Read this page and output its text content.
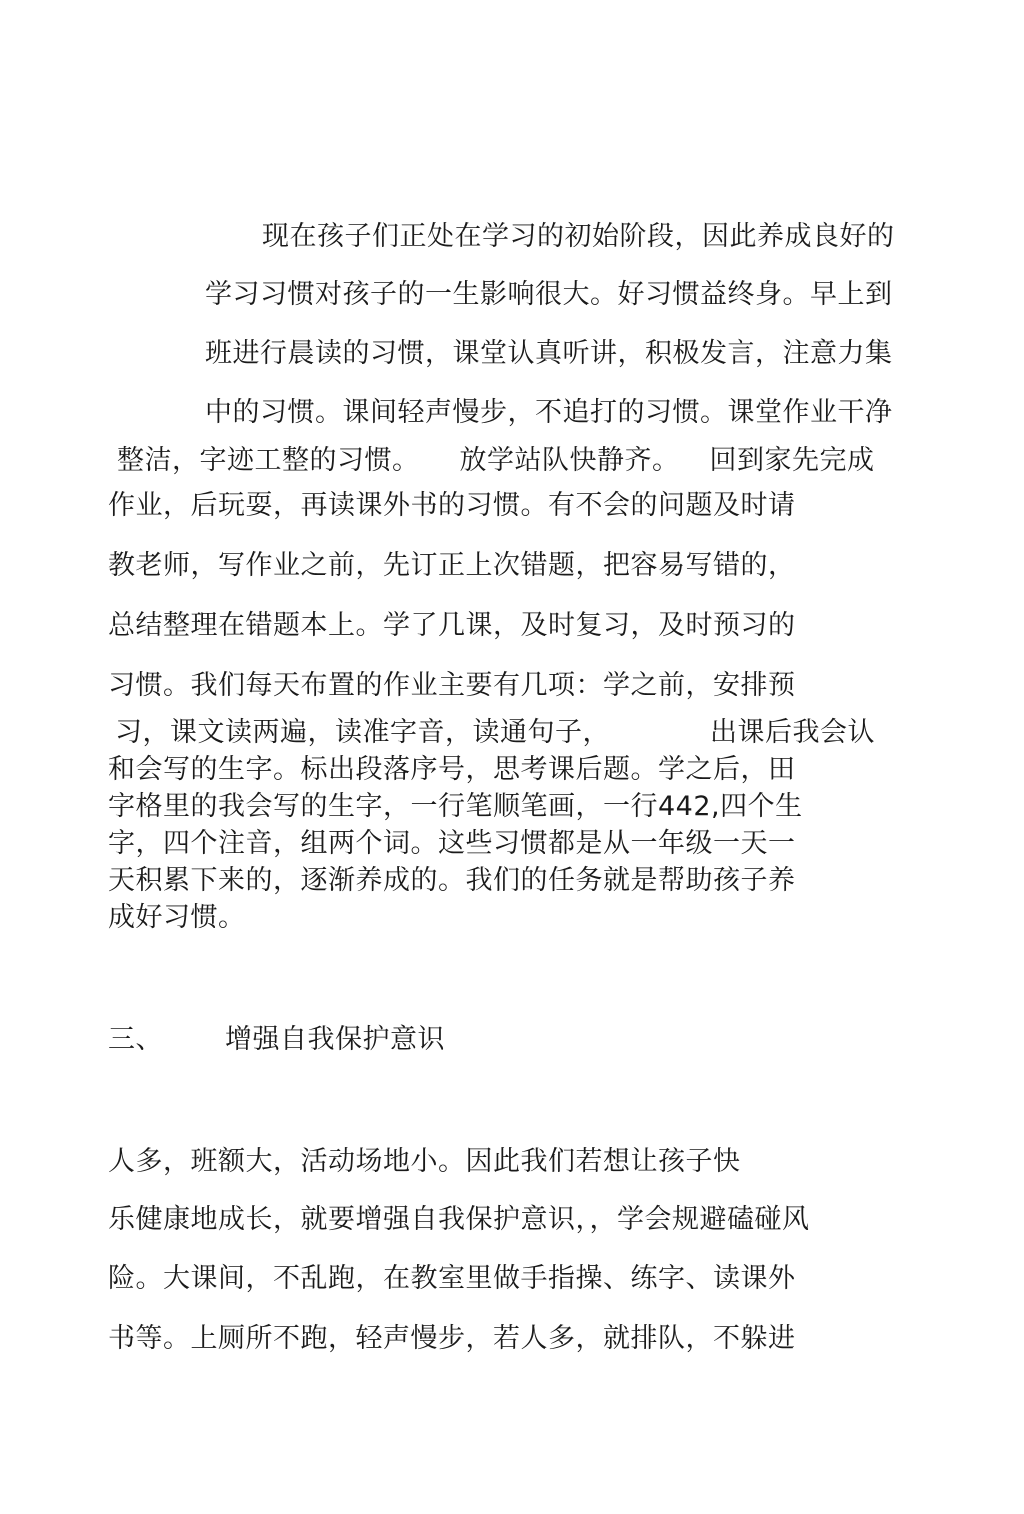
现在孩子们正处在学习的初始阶段，因此养成良好的
学习习惯对孩子的一生影响很大。好习惯益终身。早上到
班进行晨读的习惯，课堂认真听讲，积极发言，注意力集
中的习惯。课间轻声慢步，不追打的习惯。课堂作业干净
整洁，字迹工整的习惯。 放学站队快静齐。 回到家先完成
作业，后玩耍，再读课外书的习惯。有不会的问题及时请
教老师，写作业之前，先订正上次错题，把容易写错的，
总结整理在错题本上。学了几课，及时复习，及时预习的
习惯。我们每天布置的作业主要有几项：学之前，安排预
习，课文读两遍，读准字音，读通句子，	出课后我会认
和会写的生字。标出段落序号，思考课后题。学之后，田
字格里的我会写的生字，一行笔顺笔画，一行442,四个生
字，四个注音，组两个词。这些习惯都是从一年级一天一
天积累下来的，逐渐养成的。我们的任务就是帮助孩子养
成好习惯。
三、 增强自我保护意识
人多，班额大，活动场地小。因此我们若想让孩子快
乐健康地成长，就要增强自我保护意识，，学会规避磕碰风
险。大课间，不乱跑，在教室里做手指操、练字、读课外
书等。上厕所不跑，轻声慢步，若人多，就排队，不躲进
